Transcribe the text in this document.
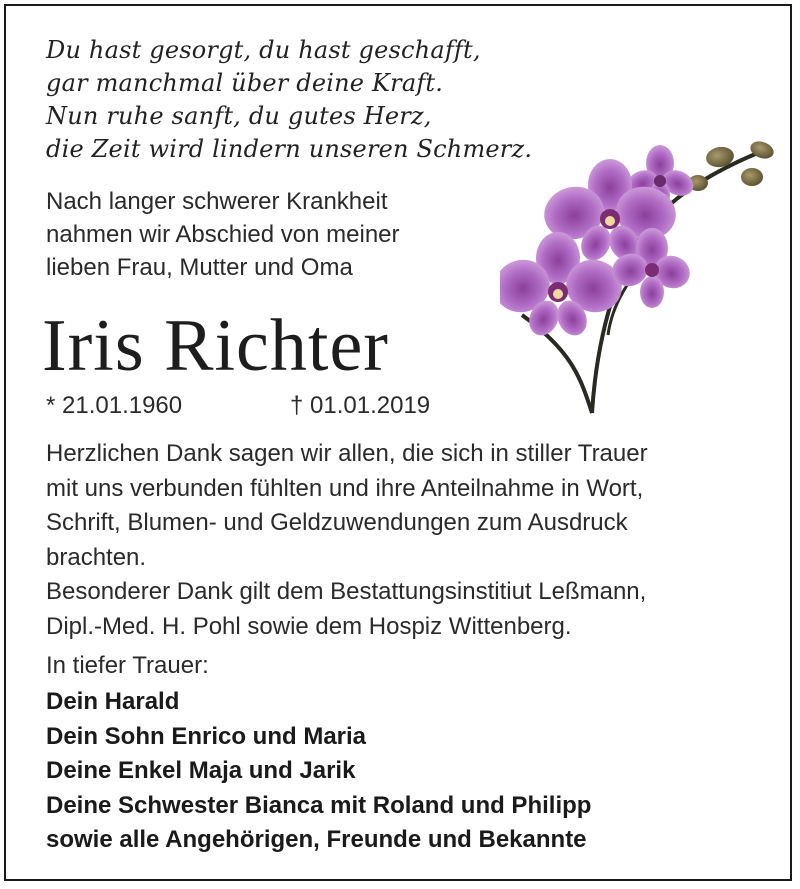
Du hast gesorgt, du hast geschafft,
gar manchmal über deine Kraft.
Nun ruhe sanft, du gutes Herz,
die Zeit wird lindern unseren Schmerz.
Nach langer schwerer Krankheit
nahmen wir Abschied von meiner
lieben Frau, Mutter und Oma
Iris Richter
* 21.01.1960	† 01.01.2019
Herzlichen Dank sagen wir allen, die sich in stiller Trauer
mit uns verbunden fühlten und ihre Anteilnahme in Wort,
Schrift, Blumen- und Geldzuwendungen zum Ausdruck
brachten.
Besonderer Dank gilt dem Bestattungsinstitiut Leßmann,
Dipl.-Med. H. Pohl sowie dem Hospiz Wittenberg.
In tiefer Trauer:
Dein Harald
Dein Sohn Enrico und Maria
Deine Enkel Maja und Jarik
Deine Schwester Bianca mit Roland und Philipp
sowie alle Angehörigen, Freunde und Bekannte
